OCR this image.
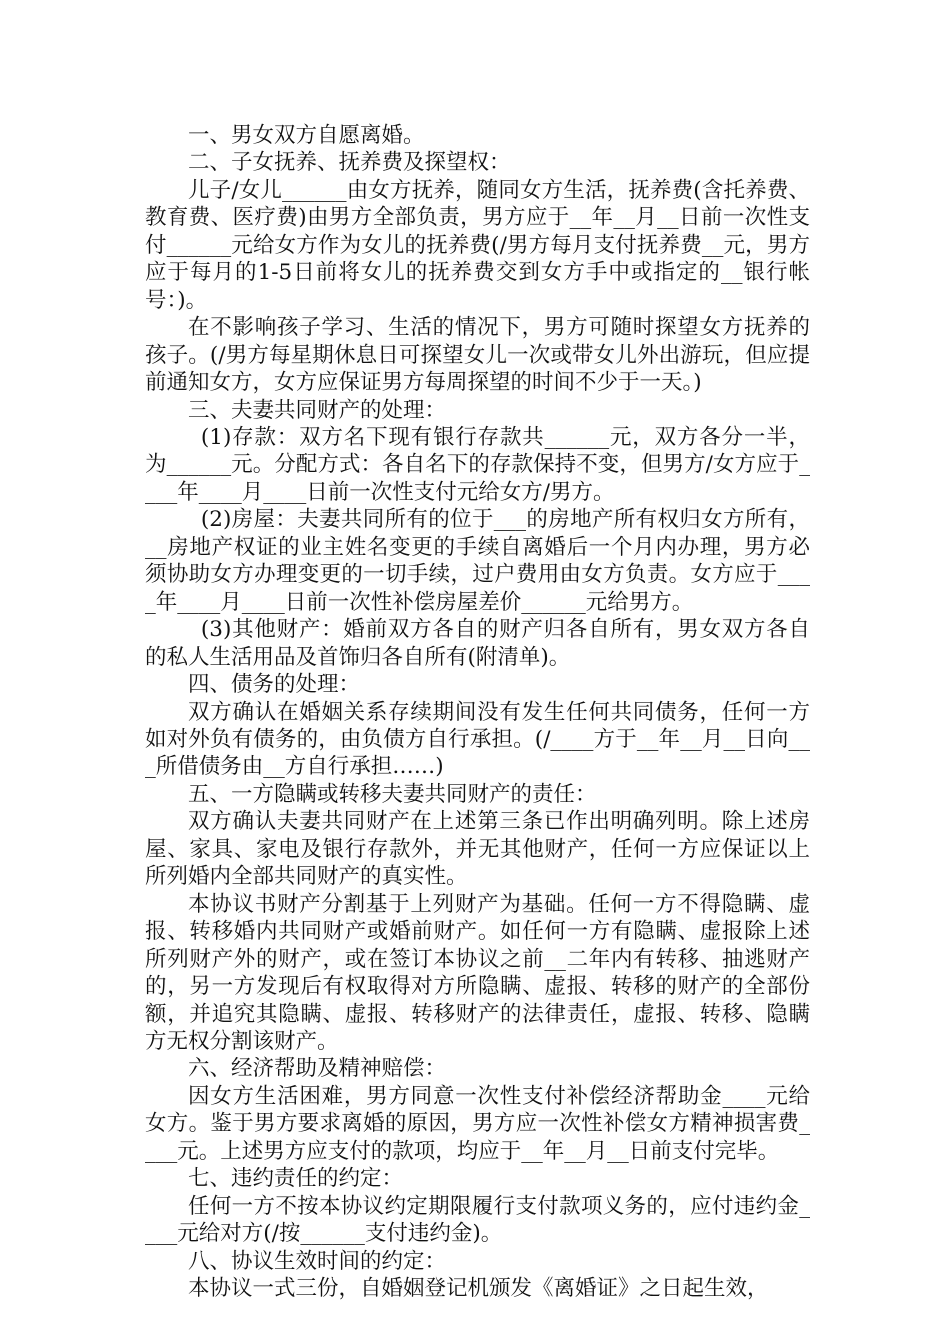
一、男女双方自愿离婚。

二、子女抚养、抚养费及探望权：

儿子/女儿______由女方抚养，随同女方生活，抚养费(含托养费、教育费、医疗费)由男方全部负责，男方应于__年__月__日前一次性支付______元给女方作为女儿的抚养费(/男方每月支付抚养费__元，男方应于每月的1-5日前将女儿的抚养费交到女方手中或指定的__银行帐号：)。

在不影响孩子学习、生活的情况下，男方可随时探望女方抚养的孩子。(/男方每星期休息日可探望女儿一次或带女儿外出游玩，但应提前通知女方，女方应保证男方每周探望的时间不少于一天。)

三、夫妻共同财产的处理：

(1)存款：双方名下现有银行存款共______元，双方各分一半，为______元。分配方式：各自名下的存款保持不变，但男方/女方应于____年____月____日前一次性支付元给女方/男方。

(2)房屋：夫妻共同所有的位于___的房地产所有权归女方所有，__房地产权证的业主姓名变更的手续自离婚后一个月内办理，男方必须协助女方办理变更的一切手续，过户费用由女方负责。女方应于____年____月____日前一次性补偿房屋差价______元给男方。

(3)其他财产：婚前双方各自的财产归各自所有，男女双方各自的私人生活用品及首饰归各自所有(附清单)。

四、债务的处理：

双方确认在婚姻关系存续期间没有发生任何共同债务，任何一方如对外负有债务的，由负债方自行承担。(/____方于__年__月__日向___所借债务由__方自行承担……)

五、一方隐瞒或转移夫妻共同财产的责任：

双方确认夫妻共同财产在上述第三条已作出明确列明。除上述房屋、家具、家电及银行存款外，并无其他财产，任何一方应保证以上所列婚内全部共同财产的真实性。

本协议书财产分割基于上列财产为基础。任何一方不得隐瞒、虚报、转移婚内共同财产或婚前财产。如任何一方有隐瞒、虚报除上述所列财产外的财产，或在签订本协议之前__二年内有转移、抽逃财产的，另一方发现后有权取得对方所隐瞒、虚报、转移的财产的全部份额，并追究其隐瞒、虚报、转移财产的法律责任，虚报、转移、隐瞒方无权分割该财产。

六、经济帮助及精神赔偿：

因女方生活困难，男方同意一次性支付补偿经济帮助金____元给女方。鉴于男方要求离婚的原因，男方应一次性补偿女方精神损害费____元。上述男方应支付的款项，均应于__年__月__日前支付完毕。

七、违约责任的约定：

任何一方不按本协议约定期限履行支付款项义务的，应付违约金____元给对方(/按______支付违约金)。

八、协议生效时间的约定：

本协议一式三份，自婚姻登记机颁发《离婚证》之日起生效，
